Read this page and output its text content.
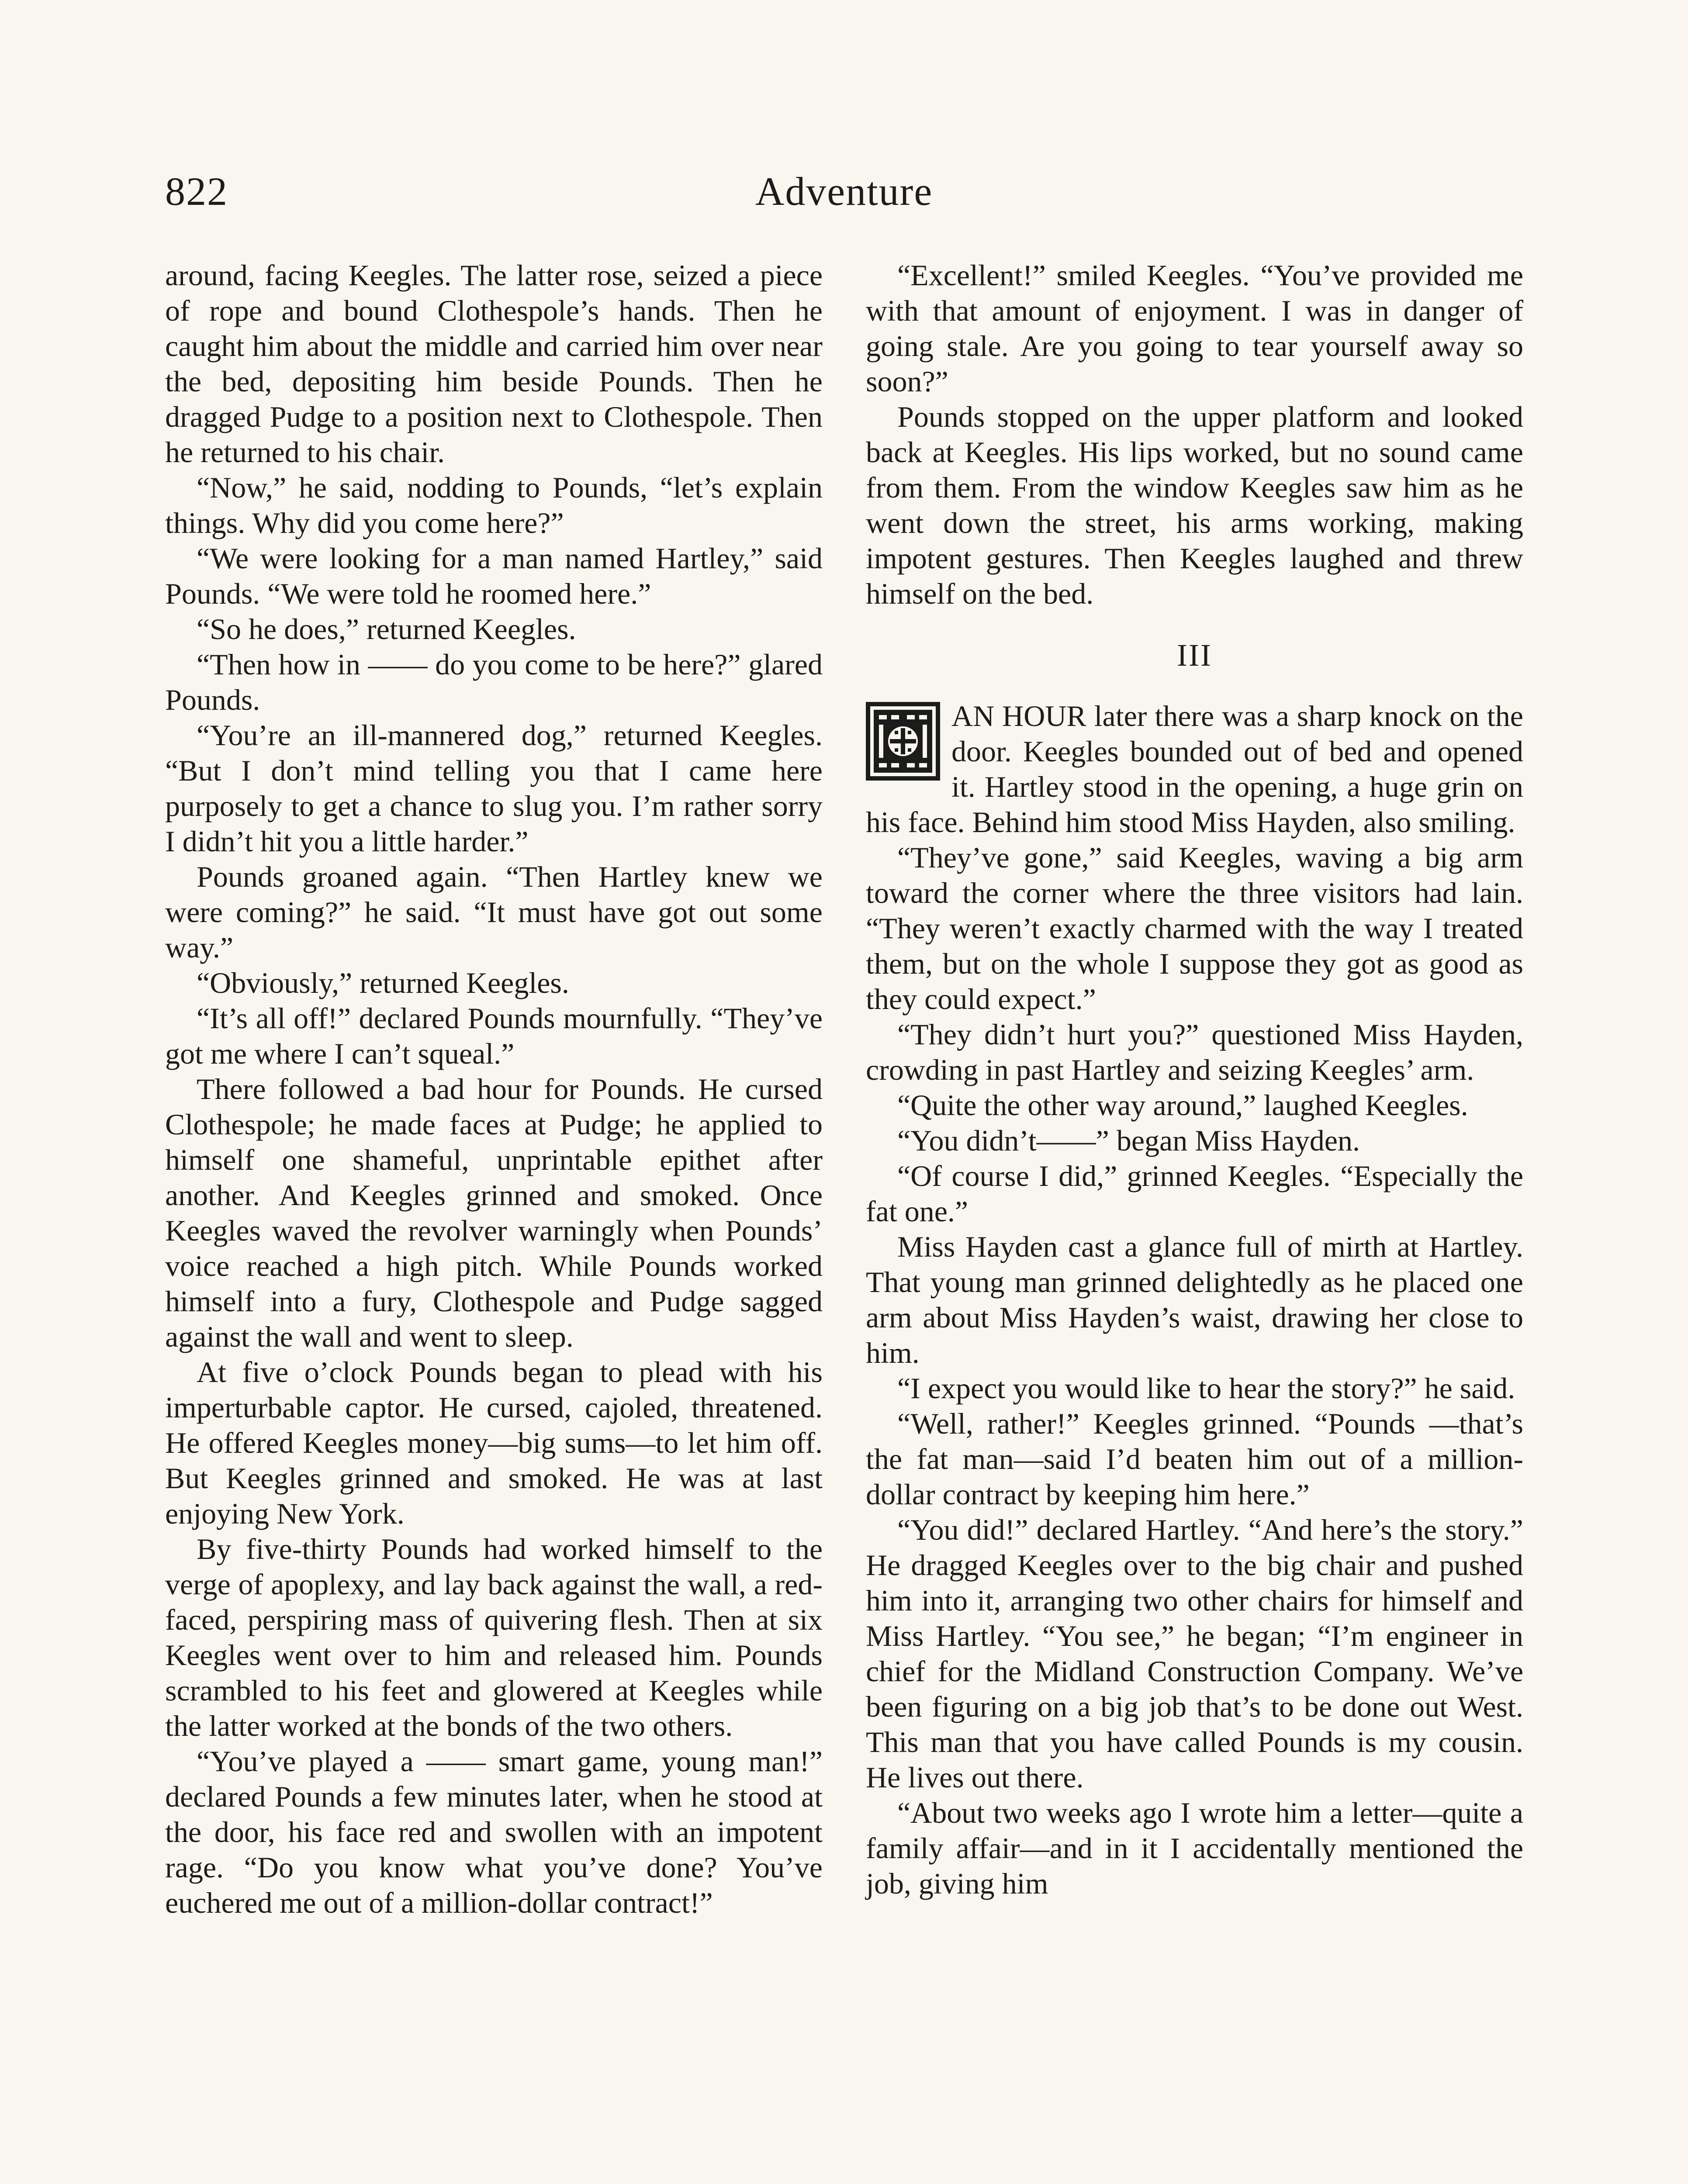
822	Adventure

around, facing Keegles. The latter rose, seized a piece of rope and bound Clothespole’s hands. Then he caught him about the middle and carried him over near the bed, depositing him beside Pounds. Then he dragged Pudge to a position next to Clothespole. Then he returned to his chair.

“Now,” he said, nodding to Pounds, “let’s explain things. Why did you come here?”

“We were looking for a man named Hartley,” said Pounds. “We were told he roomed here.”

“So he does,” returned Keegles.

“Then how in —— do you come to be here?” glared Pounds.

“You’re an ill-mannered dog,” returned Keegles. “But I don’t mind telling you that I came here purposely to get a chance to slug you. I’m rather sorry I didn’t hit you a little harder.”

Pounds groaned again. “Then Hartley knew we were coming?” he said. “It must have got out some way.”

“Obviously,” returned Keegles.

“It’s all off!” declared Pounds mournfully. “They’ve got me where I can’t squeal.”

There followed a bad hour for Pounds. He cursed Clothespole; he made faces at Pudge; he applied to himself one shameful, unprintable epithet after another. And Keegles grinned and smoked. Once Keegles waved the revolver warningly when Pounds’ voice reached a high pitch. While Pounds worked himself into a fury, Clothespole and Pudge sagged against the wall and went to sleep.

At five o’clock Pounds began to plead with his imperturbable captor. He cursed, cajoled, threatened. He offered Keegles money—big sums—to let him off. But Keegles grinned and smoked. He was at last enjoying New York.

By five-thirty Pounds had worked himself to the verge of apoplexy, and lay back against the wall, a red-faced, perspiring mass of quivering flesh. Then at six Keegles went over to him and released him. Pounds scrambled to his feet and glowered at Keegles while the latter worked at the bonds of the two others.

“You’ve played a —— smart game, young man!” declared Pounds a few minutes later, when he stood at the door, his face red and swollen with an impotent rage. “Do you know what you’ve done? You’ve euchered me out of a million-dollar contract!”

“Excellent!” smiled Keegles. “You’ve provided me with that amount of enjoyment. I was in danger of going stale. Are you going to tear yourself away so soon?”

Pounds stopped on the upper platform and looked back at Keegles. His lips worked, but no sound came from them. From the window Keegles saw him as he went down the street, his arms working, making impotent gestures. Then Keegles laughed and threw himself on the bed.

III

AN HOUR later there was a sharp knock on the door. Keegles bounded out of bed and opened it. Hartley stood in the opening, a huge grin on his face. Behind him stood Miss Hayden, also smiling.

“They’ve gone,” said Keegles, waving a big arm toward the corner where the three visitors had lain. “They weren’t exactly charmed with the way I treated them, but on the whole I suppose they got as good as they could expect.”

“They didn’t hurt you?” questioned Miss Hayden, crowding in past Hartley and seizing Keegles’ arm.

“Quite the other way around,” laughed Keegles.

“You didn’t——” began Miss Hayden.

“Of course I did,” grinned Keegles. “Especially the fat one.”

Miss Hayden cast a glance full of mirth at Hartley. That young man grinned delightedly as he placed one arm about Miss Hayden’s waist, drawing her close to him.

“I expect you would like to hear the story?” he said.

“Well, rather!” Keegles grinned. “Pounds —that’s the fat man—said I’d beaten him out of a million-dollar contract by keeping him here.”

“You did!” declared Hartley. “And here’s the story.” He dragged Keegles over to the big chair and pushed him into it, arranging two other chairs for himself and Miss Hartley. “You see,” he began; “I’m engineer in chief for the Midland Construction Company. We’ve been figuring on a big job that’s to be done out West. This man that you have called Pounds is my cousin. He lives out there.

“About two weeks ago I wrote him a letter—quite a family affair—and in it I accidentally mentioned the job, giving him
